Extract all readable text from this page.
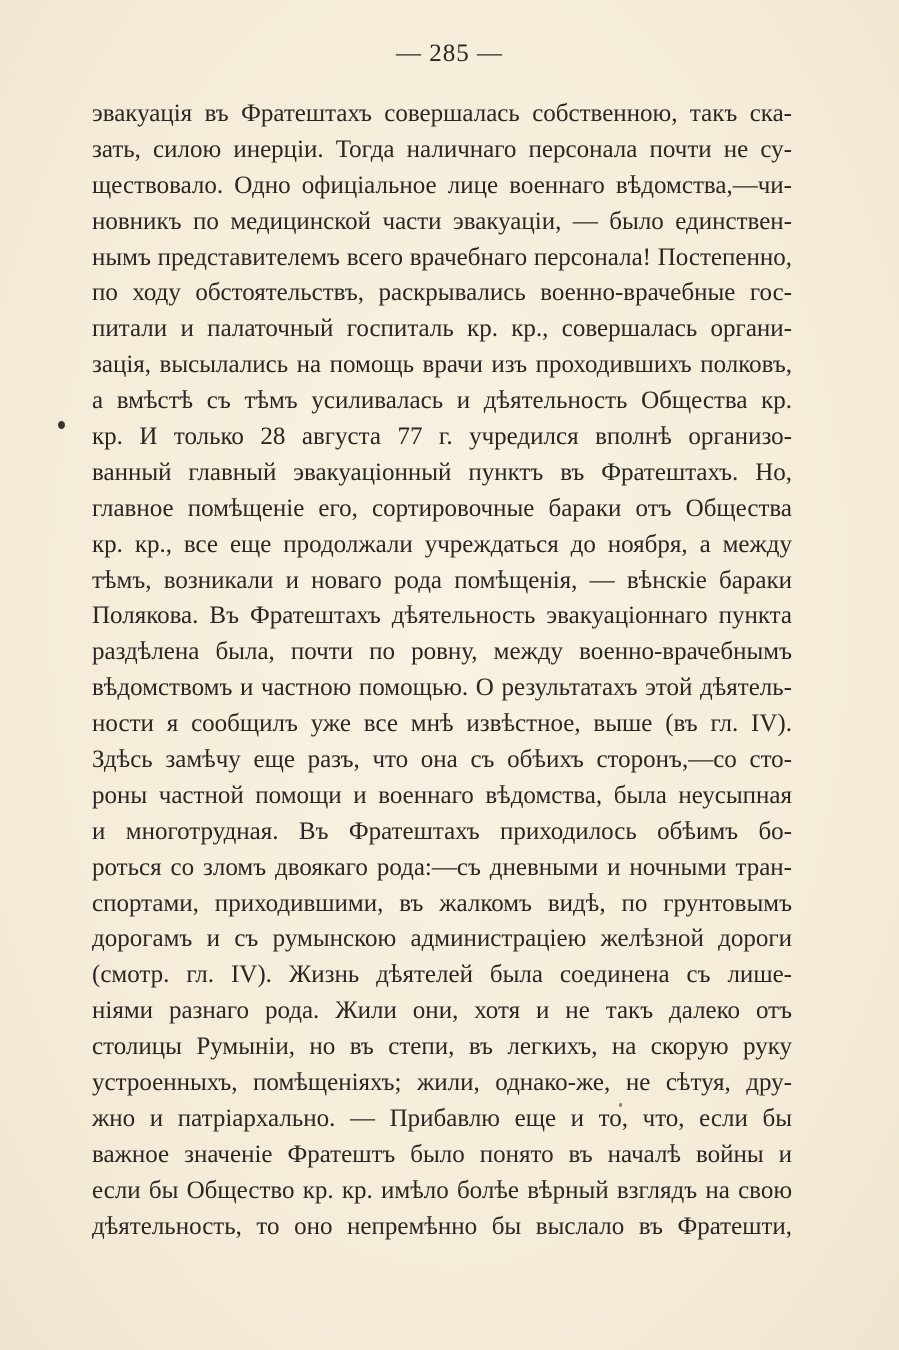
— 285 —
эвакуація въ Фратештахъ совершалась собственною, такъ ска-
зать, силою инерціи. Тогда наличнаго персонала почти не су-
ществовало. Одно офиціальное лице военнаго вѣдомства,—чи-
новникъ по медицинской части эвакуаціи, — было единствен-
нымъ представителемъ всего врачебнаго персонала! Постепенно,
по ходу обстоятельствъ, раскрывались военно-врачебные гос-
питали и палаточный госпиталь кр. кр., совершалась органи-
зація, высылались на помощь врачи изъ проходившихъ полковъ,
а вмѣстѣ съ тѣмъ усиливалась и дѣятельность Общества кр.
кр. И только 28 августа 77 г. учредился вполнѣ организо-
ванный главный эвакуаціонный пунктъ въ Фратештахъ. Но,
главное помѣщеніе его, сортировочные бараки отъ Общества
кр. кр., все еще продолжали учреждаться до ноября, а между
тѣмъ, возникали и новаго рода помѣщенія, — вѣнскіе бараки
Полякова. Въ Фратештахъ дѣятельность эвакуаціоннаго пункта
раздѣлена была, почти по ровну, между военно-врачебнымъ
вѣдомствомъ и частною помощью. О результатахъ этой дѣятель-
ности я сообщилъ уже все мнѣ извѣстное, выше (въ гл. IV).
Здѣсь замѣчу еще разъ, что она съ обѣихъ сторонъ,—со сто-
роны частной помощи и военнаго вѣдомства, была неусыпная
и многотрудная. Въ Фратештахъ приходилось обѣимъ бо-
роться со зломъ двоякаго рода:—съ дневными и ночными тран-
спортами, приходившими, въ жалкомъ видѣ, по грунтовымъ
дорогамъ и съ румынскою администраціею желѣзной дороги
(смотр. гл. IV). Жизнь дѣятелей была соединена съ лише-
ніями разнаго рода. Жили они, хотя и не такъ далеко отъ
столицы Румыніи, но въ степи, въ легкихъ, на скорую руку
устроенныхъ, помѣщеніяхъ; жили, однако-же, не сѣтуя, дру-
жно и патріархально. — Прибавлю еще и то, что, если бы
важное значеніе Фратештъ было понято въ началѣ войны и
если бы Общество кр. кр. имѣло болѣе вѣрный взглядъ на свою
дѣятельность, то оно непремѣнно бы выслало въ Фратешти,
